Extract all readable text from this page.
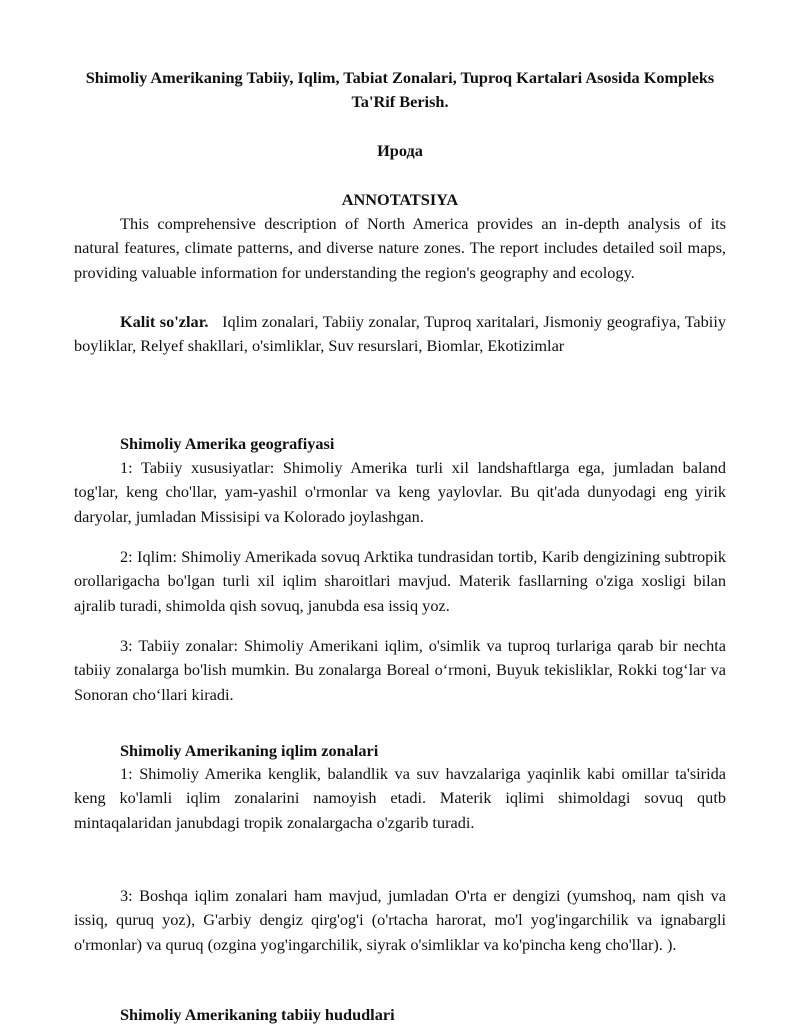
Shimoliy Amerikaning Tabiiy, Iqlim, Tabiat Zonalari, Tuproq Kartalari Asosida Kompleks Ta'Rif Berish.
Ирода
ANNOTATSIYA

This comprehensive description of North America provides an in-depth analysis of its natural features, climate patterns, and diverse nature zones. The report includes detailed soil maps, providing valuable information for understanding the region's geography and ecology.

Kalit so'zlar. Iqlim zonalari, Tabiiy zonalar, Tuproq xaritalari, Jismoniy geografiya, Tabiiy boyliklar, Relyef shakllari, o'simliklar, Suv resurslari, Biomlar, Ekotizimlar

Shimoliy Amerika geografiyasi

1: Tabiiy xususiyatlar: Shimoliy Amerika turli xil landshaftlarga ega, jumladan baland tog'lar, keng cho'llar, yam-yashil o'rmonlar va keng yaylovlar. Bu qit'ada dunyodagi eng yirik daryolar, jumladan Missisipi va Kolorado joylashgan.

2: Iqlim: Shimoliy Amerikada sovuq Arktika tundrasidan tortib, Karib dengizining subtropik orollarigacha bo'lgan turli xil iqlim sharoitlari mavjud. Materik fasllarning o'ziga xosligi bilan ajralib turadi, shimolda qish sovuq, janubda esa issiq yoz.

3: Tabiiy zonalar: Shimoliy Amerikani iqlim, o'simlik va tuproq turlariga qarab bir nechta tabiiy zonalarga bo'lish mumkin. Bu zonalarga Boreal o‘rmoni, Buyuk tekisliklar, Rokki tog‘lar va Sonoran cho‘llari kiradi.

Shimoliy Amerikaning iqlim zonalari

1: Shimoliy Amerika kenglik, balandlik va suv havzalariga yaqinlik kabi omillar ta'sirida keng ko'lamli iqlim zonalarini namoyish etadi. Materik iqlimi shimoldagi sovuq qutb mintaqalaridan janubdagi tropik zonalargacha o'zgarib turadi.

3: Boshqa iqlim zonalari ham mavjud, jumladan O'rta er dengizi (yumshoq, nam qish va issiq, quruq yoz), G'arbiy dengiz qirg'og'i (o'rtacha harorat, mo'l yog'ingarchilik va ignabargli o'rmonlar) va quruq (ozgina yog'ingarchilik, siyrak o'simliklar va ko'pincha keng cho'llar). ).

Shimoliy Amerikaning tabiiy hududlari
